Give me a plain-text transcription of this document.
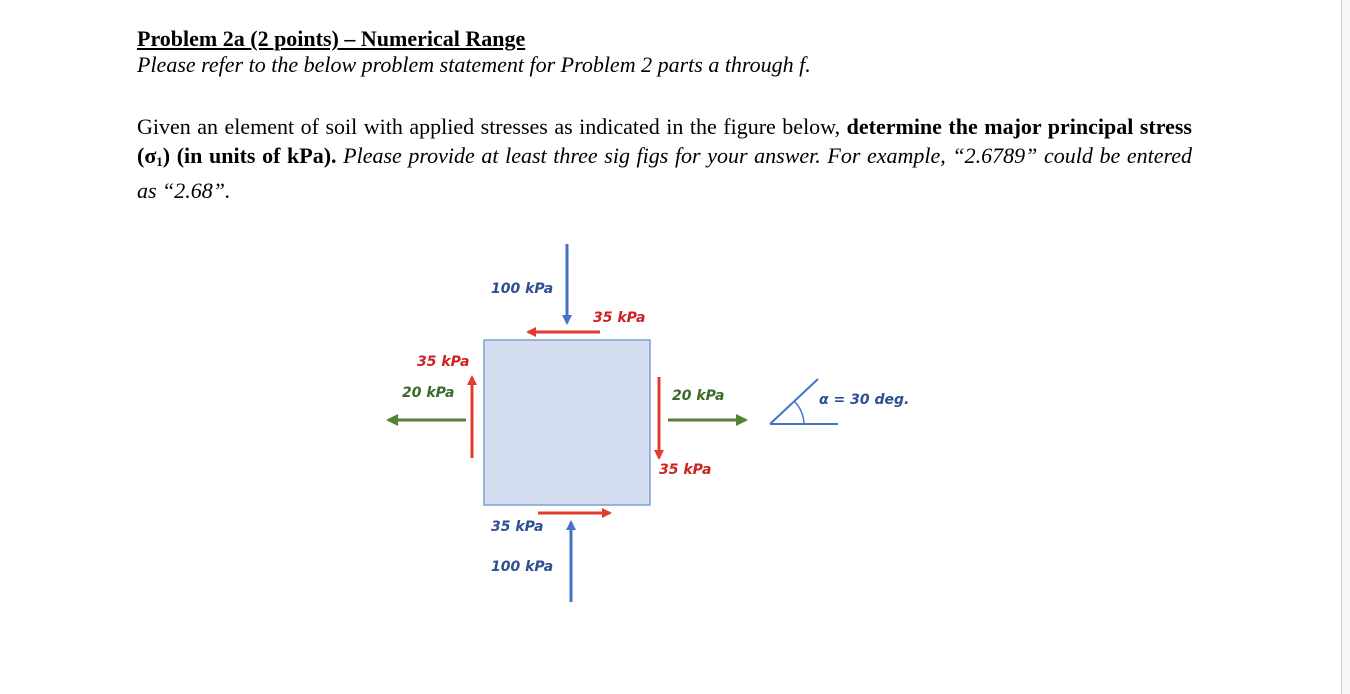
Problem 2a (2 points) – Numerical Range

Please refer to the below problem statement for Problem 2 parts a through f.

Given an element of soil with applied stresses as indicated in the figure below, determine the major principal stress $(\sigma_1)$ (in units of kPa). Please provide at least three sig figs for your answer. For example, “2.6789” could be entered as “2.68”.
100 kPa
35 kPa
35 kPa
20 kPa	20 kPa
35 kPa
35 kPa
100 kPa
α = 30 deg.
